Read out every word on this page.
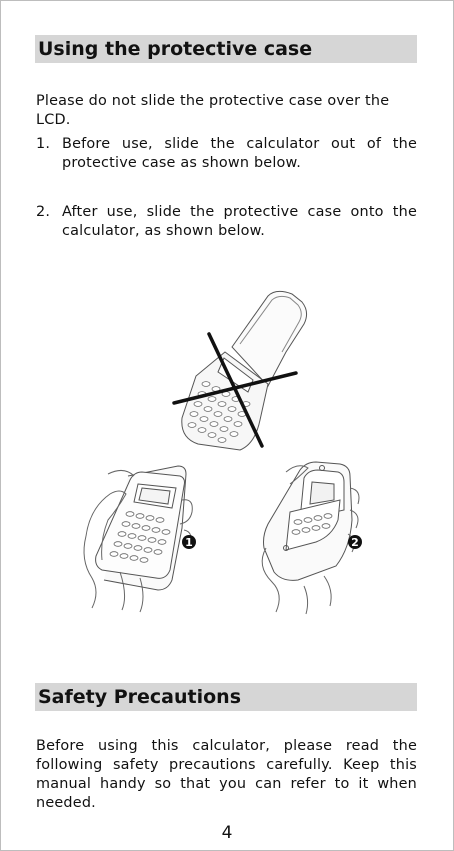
Using the protective case
Please do not slide the protective case over the LCD.
1. Before use, slide the calculator out of the protective case as shown below.
2. After use, slide the protective case onto the calculator, as shown below.
1	2
Safety Precautions
Before using this calculator, please read the following safety precautions carefully. Keep this manual handy so that you can refer to it when needed.
4
